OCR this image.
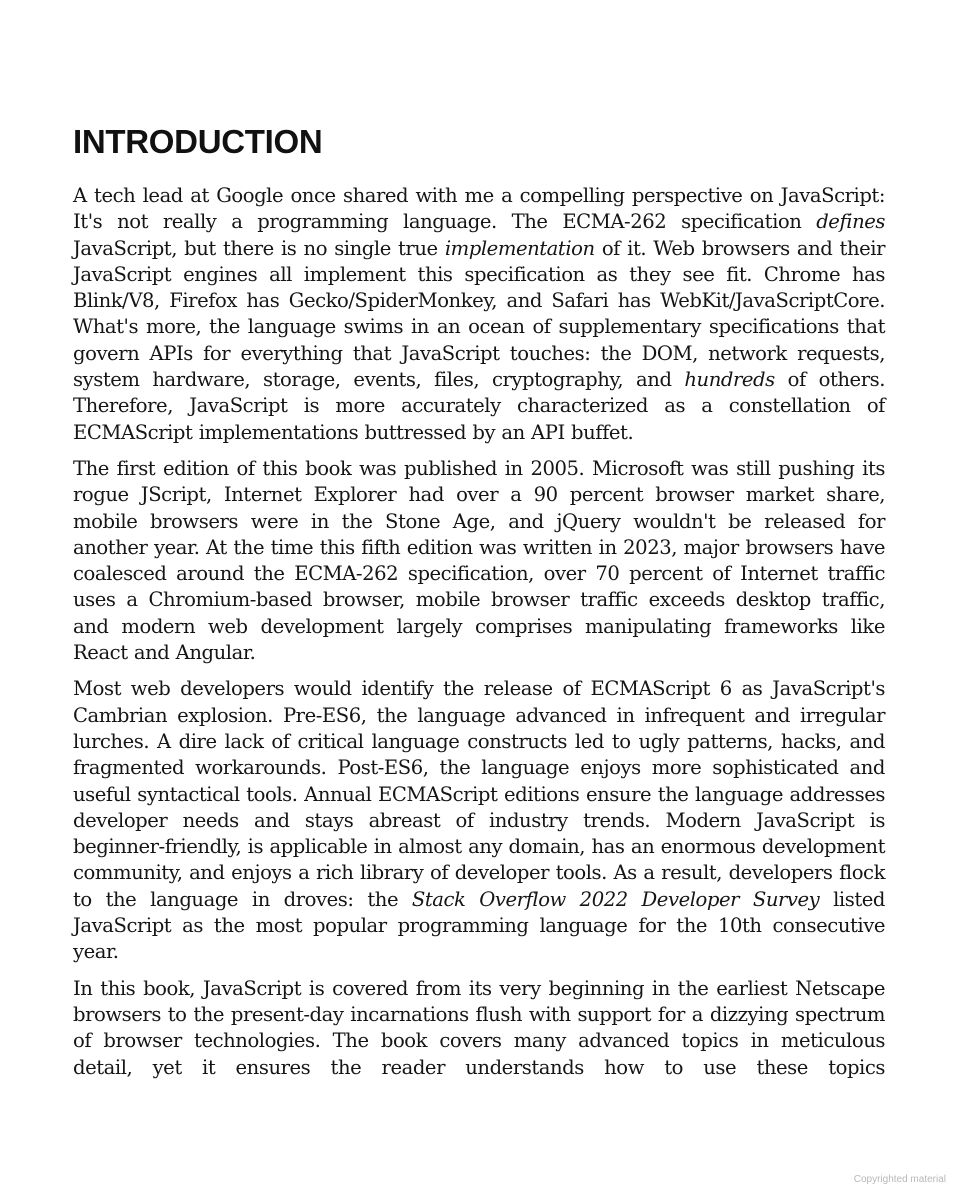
INTRODUCTION

A tech lead at Google once shared with me a compelling perspective on JavaScript: It's not really a programming language. The ECMA-262 specification defines JavaScript, but there is no single true implementation of it. Web browsers and their JavaScript engines all implement this specification as they see fit. Chrome has Blink/V8, Firefox has Gecko/SpiderMonkey, and Safari has WebKit/JavaScriptCore. What's more, the language swims in an ocean of supplementary specifications that govern APIs for everything that JavaScript touches: the DOM, network requests, system hardware, storage, events, files, cryptography, and hundreds of others. Therefore, JavaScript is more accurately characterized as a constellation of ECMAScript implementations buttressed by an API buffet.

The first edition of this book was published in 2005. Microsoft was still pushing its rogue JScript, Internet Explorer had over a 90 percent browser market share, mobile browsers were in the Stone Age, and jQuery wouldn't be released for another year. At the time this fifth edition was written in 2023, major browsers have coalesced around the ECMA-262 specification, over 70 percent of Internet traffic uses a Chromium-based browser, mobile browser traffic exceeds desktop traffic, and modern web development largely comprises manipulating frameworks like React and Angular.

Most web developers would identify the release of ECMAScript 6 as JavaScript's Cambrian explosion. Pre-ES6, the language advanced in infrequent and irregular lurches. A dire lack of critical language constructs led to ugly patterns, hacks, and fragmented workarounds. Post-ES6, the language enjoys more sophisticated and useful syntactical tools. Annual ECMAScript editions ensure the language addresses developer needs and stays abreast of industry trends. Modern JavaScript is beginner-friendly, is applicable in almost any domain, has an enormous development community, and enjoys a rich library of developer tools. As a result, developers flock to the language in droves: the Stack Overflow 2022 Developer Survey listed JavaScript as the most popular programming language for the 10th consecutive year.

In this book, JavaScript is covered from its very beginning in the earliest Netscape browsers to the present-day incarnations flush with support for a dizzying spectrum of browser technologies. The book covers many advanced topics in meticulous detail, yet it ensures the reader understands how to use these topics

Copyrighted material
